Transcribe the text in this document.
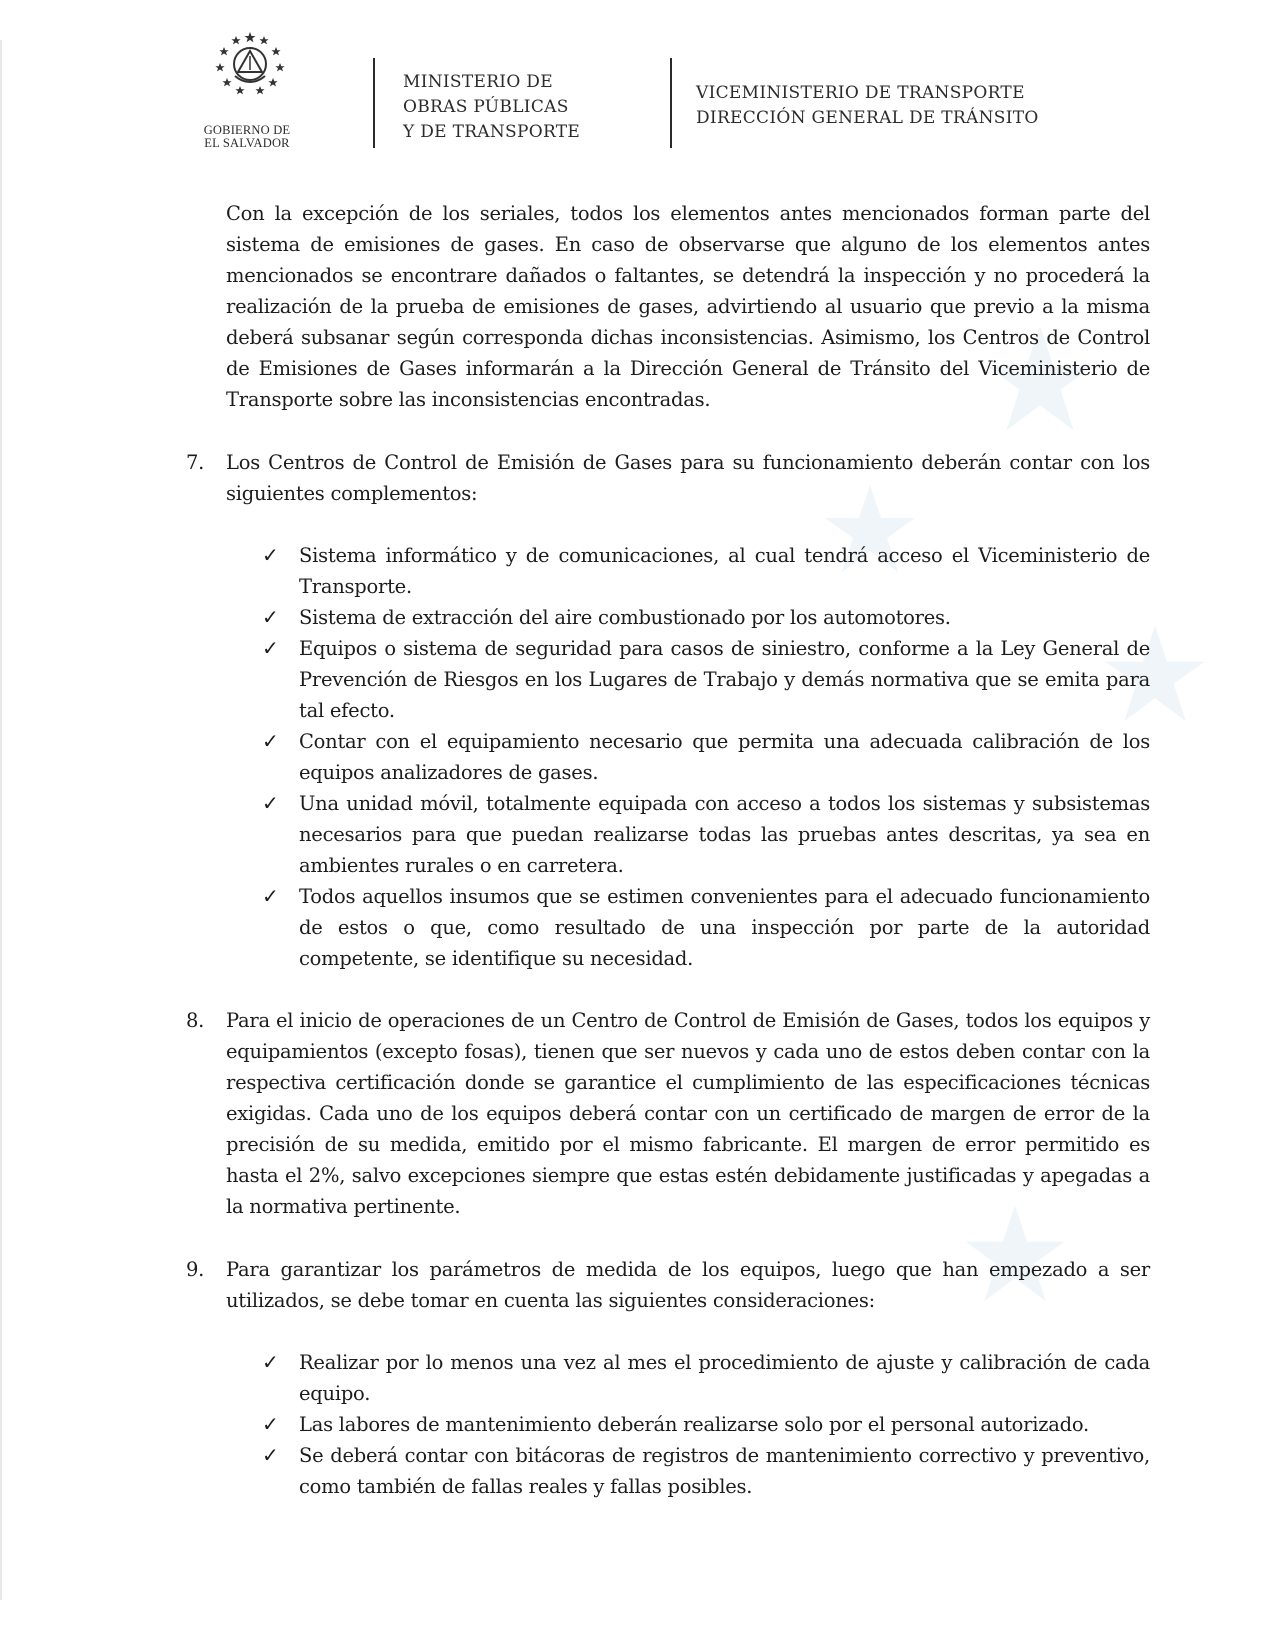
GOBIERNO DE
EL SALVADOR
MINISTERIO DE
OBRAS PÚBLICAS
Y DE TRANSPORTE
VICEMINISTERIO DE TRANSPORTE
DIRECCIÓN GENERAL DE TRÁNSITO

Con la excepción de los seriales, todos los elementos antes mencionados forman parte del sistema de emisiones de gases. En caso de observarse que alguno de los elementos antes mencionados se encontrare dañados o faltantes, se detendrá la inspección y no procederá la realización de la prueba de emisiones de gases, advirtiendo al usuario que previo a la misma deberá subsanar según corresponda dichas inconsistencias. Asimismo, los Centros de Control de Emisiones de Gases informarán a la Dirección General de Tránsito del Viceministerio de Transporte sobre las inconsistencias encontradas.

7. Los Centros de Control de Emisión de Gases para su funcionamiento deberán contar con los siguientes complementos:

✓ Sistema informático y de comunicaciones, al cual tendrá acceso el Viceministerio de Transporte.

✓ Sistema de extracción del aire combustionado por los automotores.

✓ Equipos o sistema de seguridad para casos de siniestro, conforme a la Ley General de Prevención de Riesgos en los Lugares de Trabajo y demás normativa que se emita para tal efecto.

✓ Contar con el equipamiento necesario que permita una adecuada calibración de los equipos analizadores de gases.

✓ Una unidad móvil, totalmente equipada con acceso a todos los sistemas y subsistemas necesarios para que puedan realizarse todas las pruebas antes descritas, ya sea en ambientes rurales o en carretera.

✓ Todos aquellos insumos que se estimen convenientes para el adecuado funcionamiento de estos o que, como resultado de una inspección por parte de la autoridad competente, se identifique su necesidad.

8. Para el inicio de operaciones de un Centro de Control de Emisión de Gases, todos los equipos y equipamientos (excepto fosas), tienen que ser nuevos y cada uno de estos deben contar con la respectiva certificación donde se garantice el cumplimiento de las especificaciones técnicas exigidas. Cada uno de los equipos deberá contar con un certificado de margen de error de la precisión de su medida, emitido por el mismo fabricante. El margen de error permitido es hasta el 2%, salvo excepciones siempre que estas estén debidamente justificadas y apegadas a la normativa pertinente.

9. Para garantizar los parámetros de medida de los equipos, luego que han empezado a ser utilizados, se debe tomar en cuenta las siguientes consideraciones:

✓ Realizar por lo menos una vez al mes el procedimiento de ajuste y calibración de cada equipo.

✓ Las labores de mantenimiento deberán realizarse solo por el personal autorizado.

✓ Se deberá contar con bitácoras de registros de mantenimiento correctivo y preventivo, como también de fallas reales y fallas posibles.
